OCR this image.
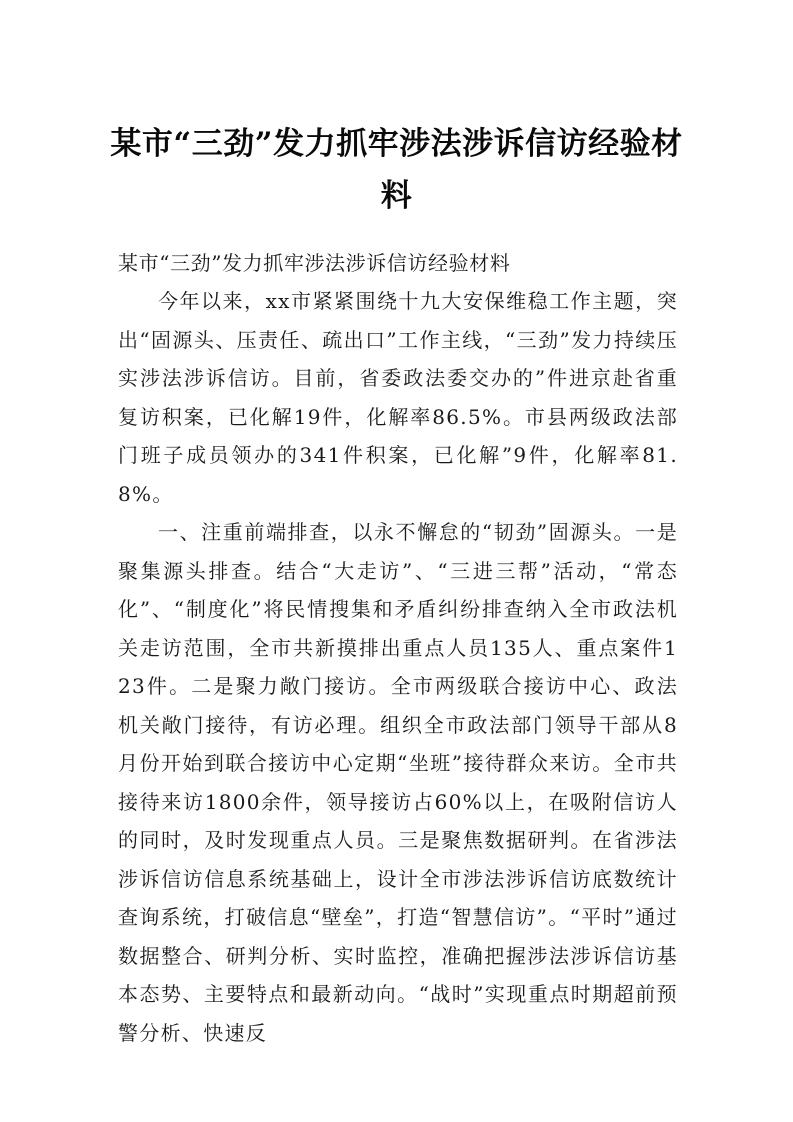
某市“三劲”发力抓牢涉法涉诉信访经验材料

某市“三劲”发力抓牢涉法涉诉信访经验材料

今年以来，xx市紧紧围绕十九大安保维稳工作主题，突出“固源头、压责任、疏出口”工作主线，“三劲”发力持续压实涉法涉诉信访。目前，省委政法委交办的”件进京赴省重复访积案，已化解19件，化解率86.5%。市县两级政法部门班子成员领办的341件积案，已化解”9件，化解率81.8%。

一、注重前端排查，以永不懈怠的“韧劲”固源头。一是聚集源头排查。结合“大走访”、“三进三帮”活动，“常态化”、“制度化”将民情搜集和矛盾纠纷排查纳入全市政法机关走访范围，全市共新摸排出重点人员135人、重点案件123件。二是聚力敞门接访。全市两级联合接访中心、政法机关敞门接待，有访必理。组织全市政法部门领导干部从8月份开始到联合接访中心定期“坐班”接待群众来访。全市共接待来访1800余件，领导接访占60%以上，在吸附信访人的同时，及时发现重点人员。三是聚焦数据研判。在省涉法涉诉信访信息系统基础上，设计全市涉法涉诉信访底数统计查询系统，打破信息“壁垒”，打造“智慧信访”。“平时”通过数据整合、研判分析、实时监控，准确把握涉法涉诉信访基本态势、主要特点和最新动向。“战时”实现重点时期超前预警分析、快速反
